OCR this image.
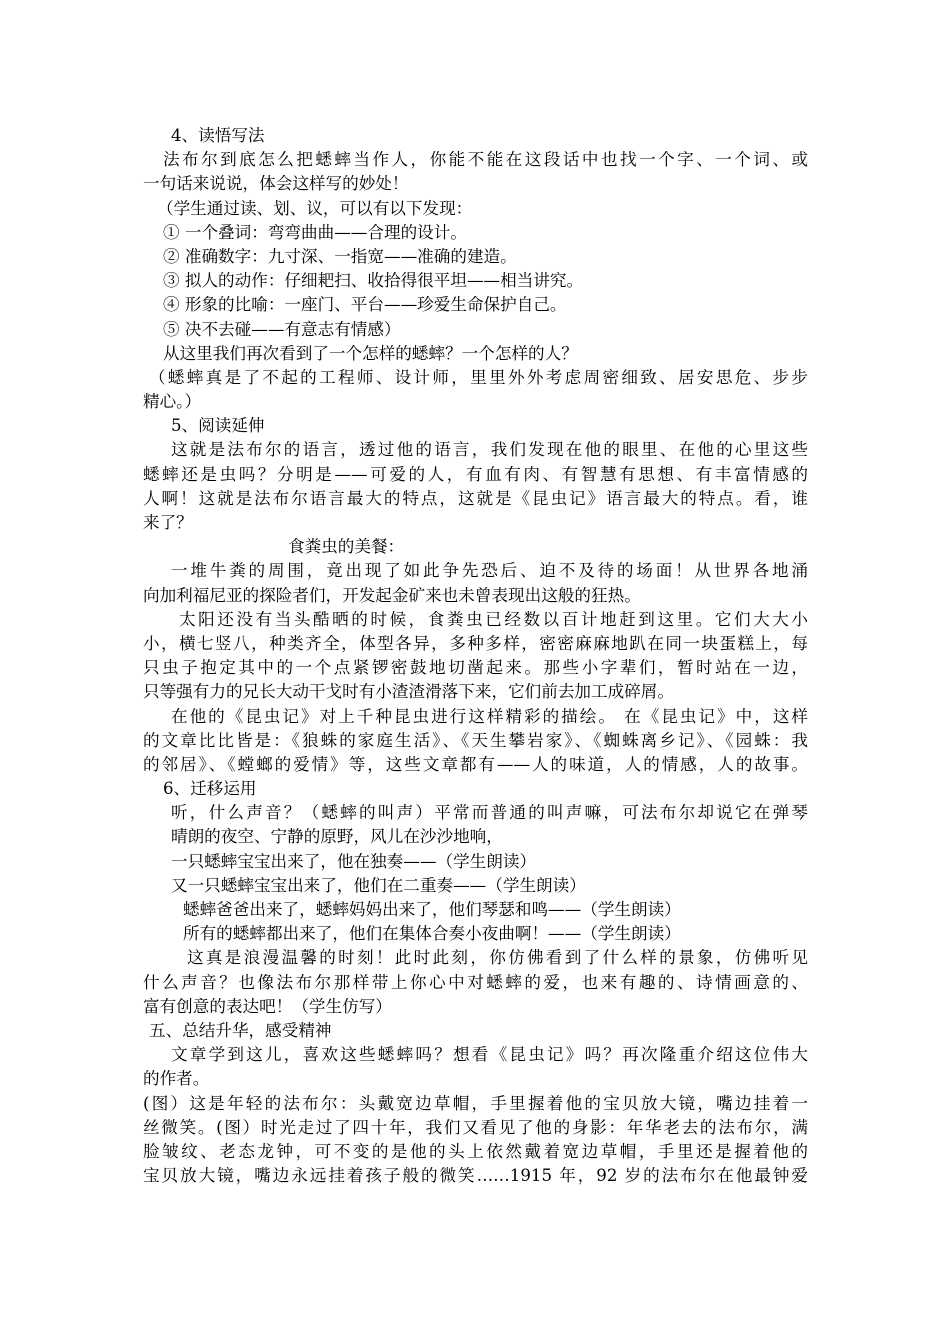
4、读悟写法
法布尔到底怎么把蟋蟀当作人，你能不能在这段话中也找一个字、一个词、或
一句话来说说，体会这样写的妙处！
（学生通过读、划、议，可以有以下发现：
① 一个叠词：弯弯曲曲——合理的设计。
② 准确数字：九寸深、一指宽——准确的建造。
③ 拟人的动作：仔细耙扫、收拾得很平坦——相当讲究。
④ 形象的比喻：一座门、平台——珍爱生命保护自己。
⑤ 决不去碰——有意志有情感）
从这里我们再次看到了一个怎样的蟋蟀？一个怎样的人？
（蟋蟀真是了不起的工程师、设计师，里里外外考虑周密细致、居安思危、步步
精心。）
5、阅读延伸
这就是法布尔的语言，透过他的语言，我们发现在他的眼里、在他的心里这些
蟋蟀还是虫吗？分明是——可爱的人，有血有肉、有智慧有思想、有丰富情感的
人啊！这就是法布尔语言最大的特点，这就是《昆虫记》语言最大的特点。看，谁
来了？
食粪虫的美餐：
一堆牛粪的周围，竟出现了如此争先恐后、迫不及待的场面！从世界各地涌
向加利福尼亚的探险者们，开发起金矿来也未曾表现出这般的狂热。
太阳还没有当头酷晒的时候，食粪虫已经数以百计地赶到这里。它们大大小
小，横七竖八，种类齐全，体型各异，多种多样，密密麻麻地趴在同一块蛋糕上，每
只虫子抱定其中的一个点紧锣密鼓地切凿起来。那些小字辈们，暂时站在一边，
只等强有力的兄长大动干戈时有小渣渣滑落下来，它们前去加工成碎屑。
在他的《昆虫记》对上千种昆虫进行这样精彩的描绘。 在《昆虫记》中，这样
的文章比比皆是：《狼蛛的家庭生活》、《天生攀岩家》、《蜘蛛离乡记》、《园蛛：我
的邻居》、《螳螂的爱情》等，这些文章都有——人的味道，人的情感，人的故事。
6、迁移运用
听，什么声音？（蟋蟀的叫声）平常而普通的叫声嘛，可法布尔却说它在弹琴
晴朗的夜空、宁静的原野，风儿在沙沙地响，
一只蟋蟀宝宝出来了，他在独奏——（学生朗读）
又一只蟋蟀宝宝出来了，他们在二重奏——（学生朗读）
蟋蟀爸爸出来了，蟋蟀妈妈出来了，他们琴瑟和鸣——（学生朗读）
所有的蟋蟀都出来了，他们在集体合奏小夜曲啊！——（学生朗读）
这真是浪漫温馨的时刻！此时此刻，你仿佛看到了什么样的景象，仿佛听见
什么声音？也像法布尔那样带上你心中对蟋蟀的爱，也来有趣的、诗情画意的、
富有创意的表达吧！（学生仿写）
五、总结升华，感受精神
文章学到这儿，喜欢这些蟋蟀吗？想看《昆虫记》吗？再次隆重介绍这位伟大
的作者。
(图）这是年轻的法布尔：头戴宽边草帽，手里握着他的宝贝放大镜，嘴边挂着一
丝微笑。(图）时光走过了四十年，我们又看见了他的身影：年华老去的法布尔，满
脸皱纹、老态龙钟，可不变的是他的头上依然戴着宽边草帽，手里还是握着他的
宝贝放大镜，嘴边永远挂着孩子般的微笑……1915 年，92 岁的法布尔在他最钟爱
